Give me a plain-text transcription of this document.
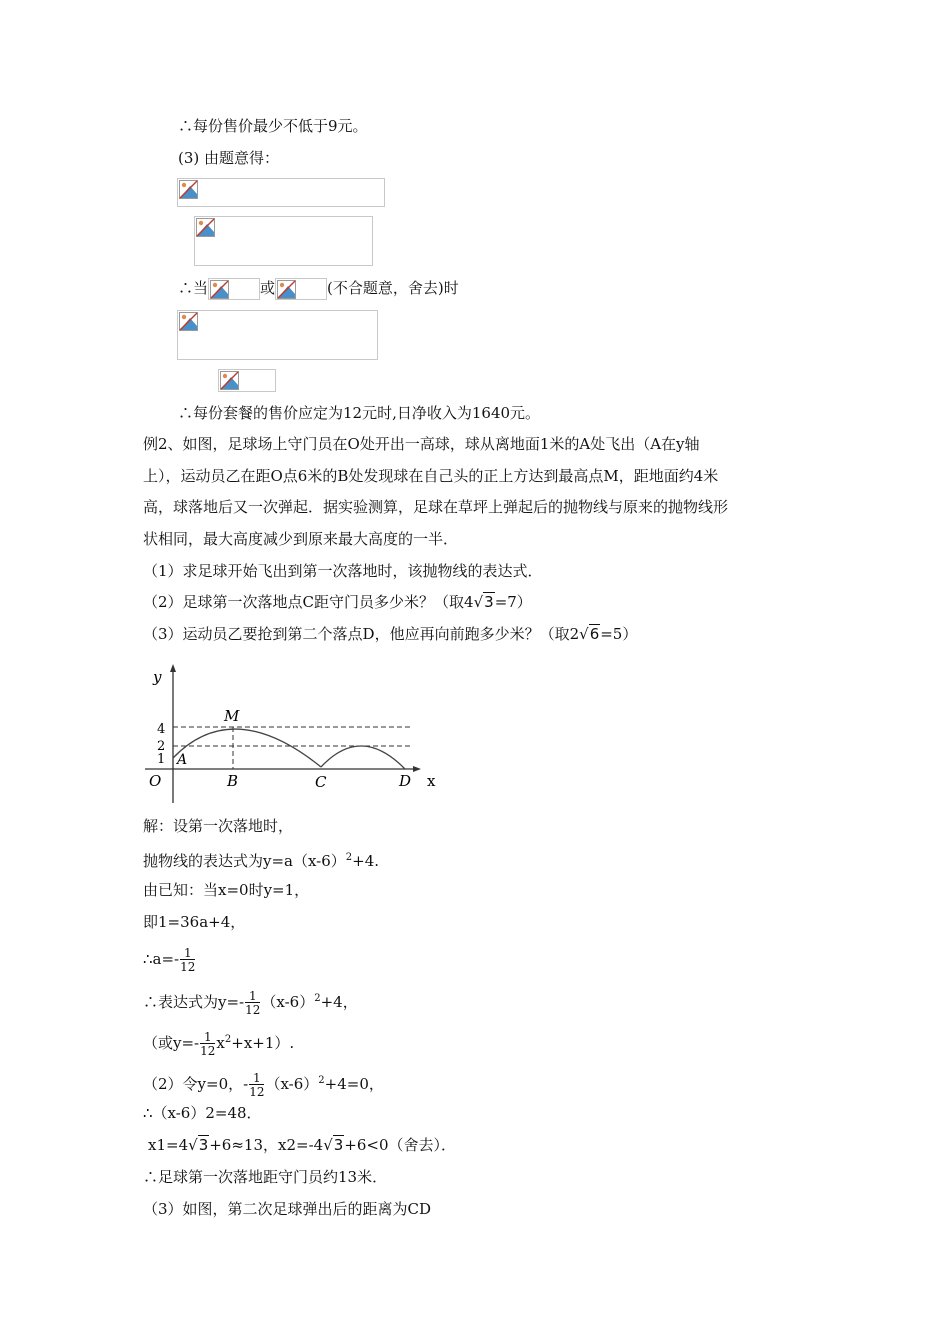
∴每份售价最少不低于9元。
(3) 由题意得：
∴当	或	(不合题意，舍去)时
∴每份套餐的售价应定为12元时,日净收入为1640元。
例2、如图，足球场上守门员在O处开出一高球，球从离地面1米的A处飞出（A在y轴
上），运动员乙在距O点6米的B处发现球在自己头的正上方达到最高点M，距地面约4米
高，球落地后又一次弹起．据实验测算，足球在草坪上弹起后的抛物线与原来的抛物线形
状相同，最大高度减少到原来最大高度的一半．
（1）求足球开始飞出到第一次落地时，该抛物线的表达式．
（2）足球第一次落地点C距守门员多少米？（取4√3=7）
（3）运动员乙要抢到第二个落点D，他应再向前跑多少米？（取2√6=5）
y
x
O
A
B	C	D
M
4
2
1
解：设第一次落地时，
抛物线的表达式为$y=a(x-6)^2+4$.
由已知：当x=0时y=1，
即1=36a+4，
∴a=- $\frac{1}{12}$
∴表达式为$y=- \frac{1}{12} (x-6)^2+4$，
（或$y=- \frac{1}{12} x^2+x+1$）.
（2）令y=0，- $\frac{1}{12} (x-6)^2+4=0$，
∴（x-6）2=48．
x1=4√3+6≈13，x2=-4√3+6<0（舍去）．
∴足球第一次落地距守门员约13米．
（3）如图，第二次足球弹出后的距离为CD
